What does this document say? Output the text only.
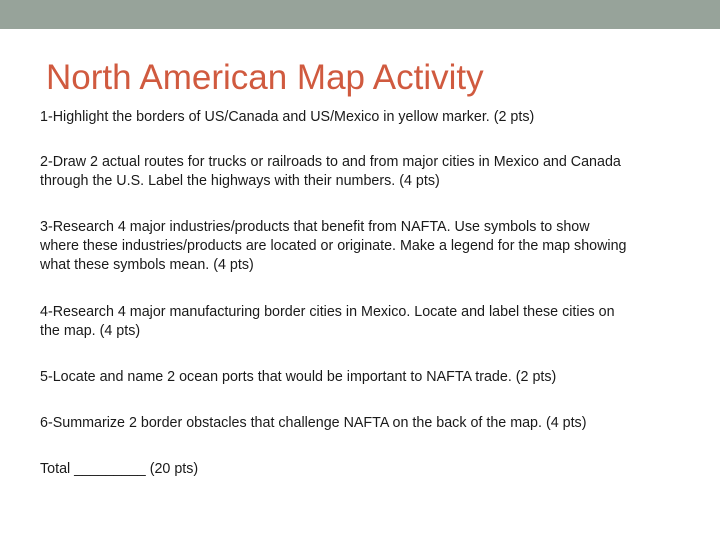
North American Map Activity

1-Highlight the borders of US/Canada and US/Mexico in yellow marker. (2 pts)

2-Draw 2 actual routes for trucks or railroads to and from major cities in Mexico and Canada
through the U.S. Label the highways with their numbers. (4 pts)

3-Research 4 major industries/products that benefit from NAFTA. Use symbols to show
where these industries/products are located or originate. Make a legend for the map showing
what these symbols mean. (4 pts)

4-Research 4 major manufacturing border cities in Mexico. Locate and label these cities on
the map. (4 pts)

5-Locate and name 2 ocean ports that would be important to NAFTA trade. (2 pts)

6-Summarize 2 border obstacles that challenge NAFTA on the back of the map. (4 pts)

Total _________ (20 pts)
